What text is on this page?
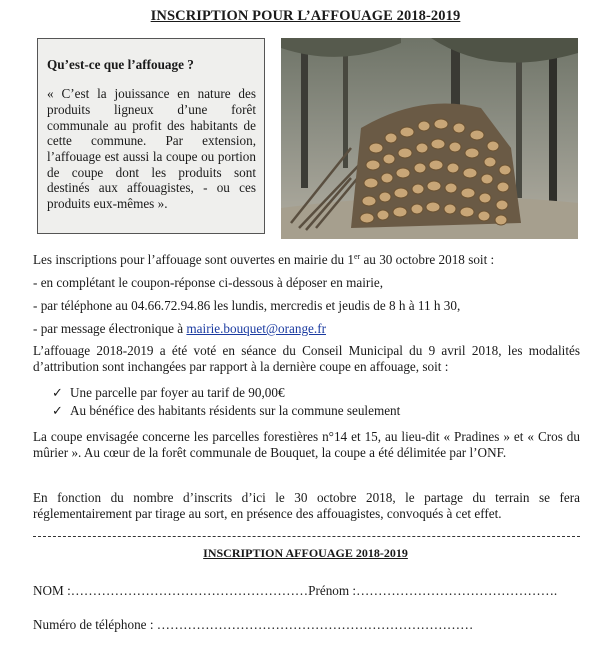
INSCRIPTION POUR L’AFFOUAGE 2018-2019
Qu’est-ce que l’affouage ?
« C’est la jouissance en nature des produits ligneux d’une forêt communale au profit des habitants de cette commune. Par extension, l’affouage est aussi la coupe ou portion de coupe dont les produits sont destinés aux affouagistes, - ou ces produits eux-mêmes ».
Les inscriptions pour l’affouage sont ouvertes en mairie du 1er au 30 octobre 2018 soit :
- en complétant le coupon-réponse ci-dessous à déposer en mairie,
- par téléphone au 04.66.72.94.86 les lundis, mercredis et jeudis de 8 h à 11 h 30,
- par message électronique à mairie.bouquet@orange.fr
L’affouage 2018-2019 a été voté en séance du Conseil Municipal du 9 avril 2018, les modalités d’attribution sont inchangées par rapport à la dernière coupe en affouage, soit :
✓ Une parcelle par foyer au tarif de 90,00€
✓ Au bénéfice des habitants résidents sur la commune seulement
La coupe envisagée concerne les parcelles forestières n°14 et 15, au lieu-dit « Pradines » et « Cros du mûrier ». Au cœur de la forêt communale de Bouquet, la coupe a été délimitée par l’ONF.
En fonction du nombre d’inscrits d’ici le 30 octobre 2018, le partage du terrain se fera réglementairement par tirage au sort, en présence des affouagistes, convoqués à cet effet.
INSCRIPTION AFFOUAGE 2018-2019
NOM :………………………………………………Prénom :……………………………………….
Numéro de téléphone : ………………………………………………………………
